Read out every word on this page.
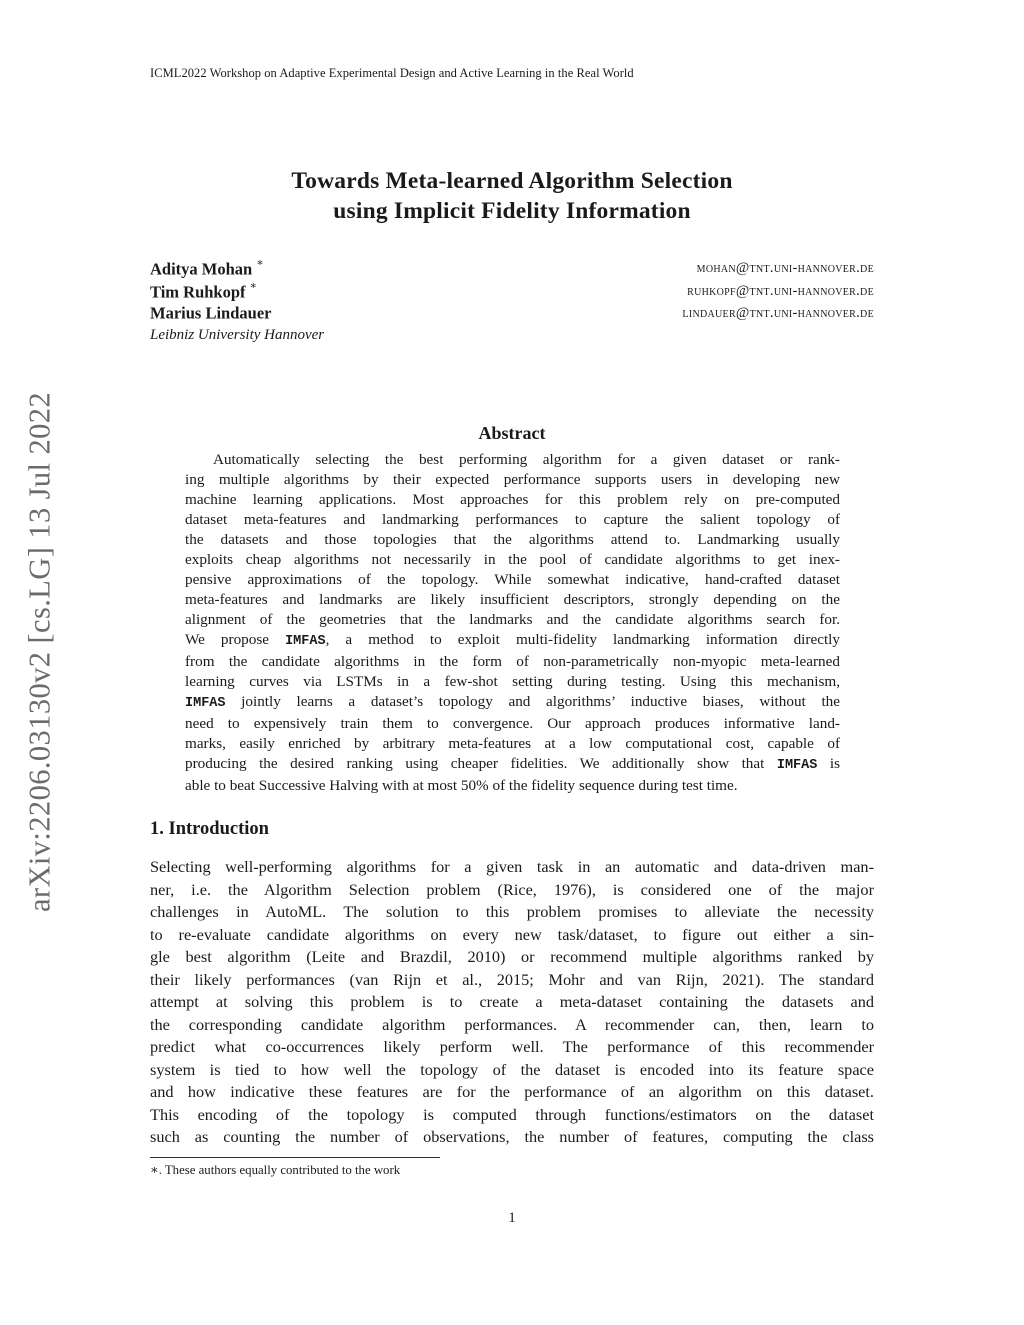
ICML2022 Workshop on Adaptive Experimental Design and Active Learning in the Real World
arXiv:2206.03130v2 [cs.LG] 13 Jul 2022
Towards Meta-learned Algorithm Selection
using Implicit Fidelity Information
Aditya Mohan ∗	mohan@tnt.uni-hannover.de
Tim Ruhkopf ∗	ruhkopf@tnt.uni-hannover.de
Marius Lindauer	lindauer@tnt.uni-hannover.de
Leibniz University Hannover
Abstract
Automatically selecting the best performing algorithm for a given dataset or rank-
ing multiple algorithms by their expected performance supports users in developing new
machine learning applications. Most approaches for this problem rely on pre-computed
dataset meta-features and landmarking performances to capture the salient topology of
the datasets and those topologies that the algorithms attend to. Landmarking usually
exploits cheap algorithms not necessarily in the pool of candidate algorithms to get inex-
pensive approximations of the topology. While somewhat indicative, hand-crafted dataset
meta-features and landmarks are likely insufficient descriptors, strongly depending on the
alignment of the geometries that the landmarks and the candidate algorithms search for.
We propose IMFAS, a method to exploit multi-fidelity landmarking information directly
from the candidate algorithms in the form of non-parametrically non-myopic meta-learned
learning curves via LSTMs in a few-shot setting during testing. Using this mechanism,
IMFAS jointly learns a dataset’s topology and algorithms’ inductive biases, without the
need to expensively train them to convergence. Our approach produces informative land-
marks, easily enriched by arbitrary meta-features at a low computational cost, capable of
producing the desired ranking using cheaper fidelities. We additionally show that IMFAS is
able to beat Successive Halving with at most 50% of the fidelity sequence during test time.
1. Introduction
Selecting well-performing algorithms for a given task in an automatic and data-driven man-
ner, i.e. the Algorithm Selection problem (Rice, 1976), is considered one of the major
challenges in AutoML. The solution to this problem promises to alleviate the necessity
to re-evaluate candidate algorithms on every new task/dataset, to figure out either a sin-
gle best algorithm (Leite and Brazdil, 2010) or recommend multiple algorithms ranked by
their likely performances (van Rijn et al., 2015; Mohr and van Rijn, 2021). The standard
attempt at solving this problem is to create a meta-dataset containing the datasets and
the corresponding candidate algorithm performances. A recommender can, then, learn to
predict what co-occurrences likely perform well. The performance of this recommender
system is tied to how well the topology of the dataset is encoded into its feature space
and how indicative these features are for the performance of an algorithm on this dataset.
This encoding of the topology is computed through functions/estimators on the dataset
such as counting the number of observations, the number of features, computing the class
∗. These authors equally contributed to the work
1
